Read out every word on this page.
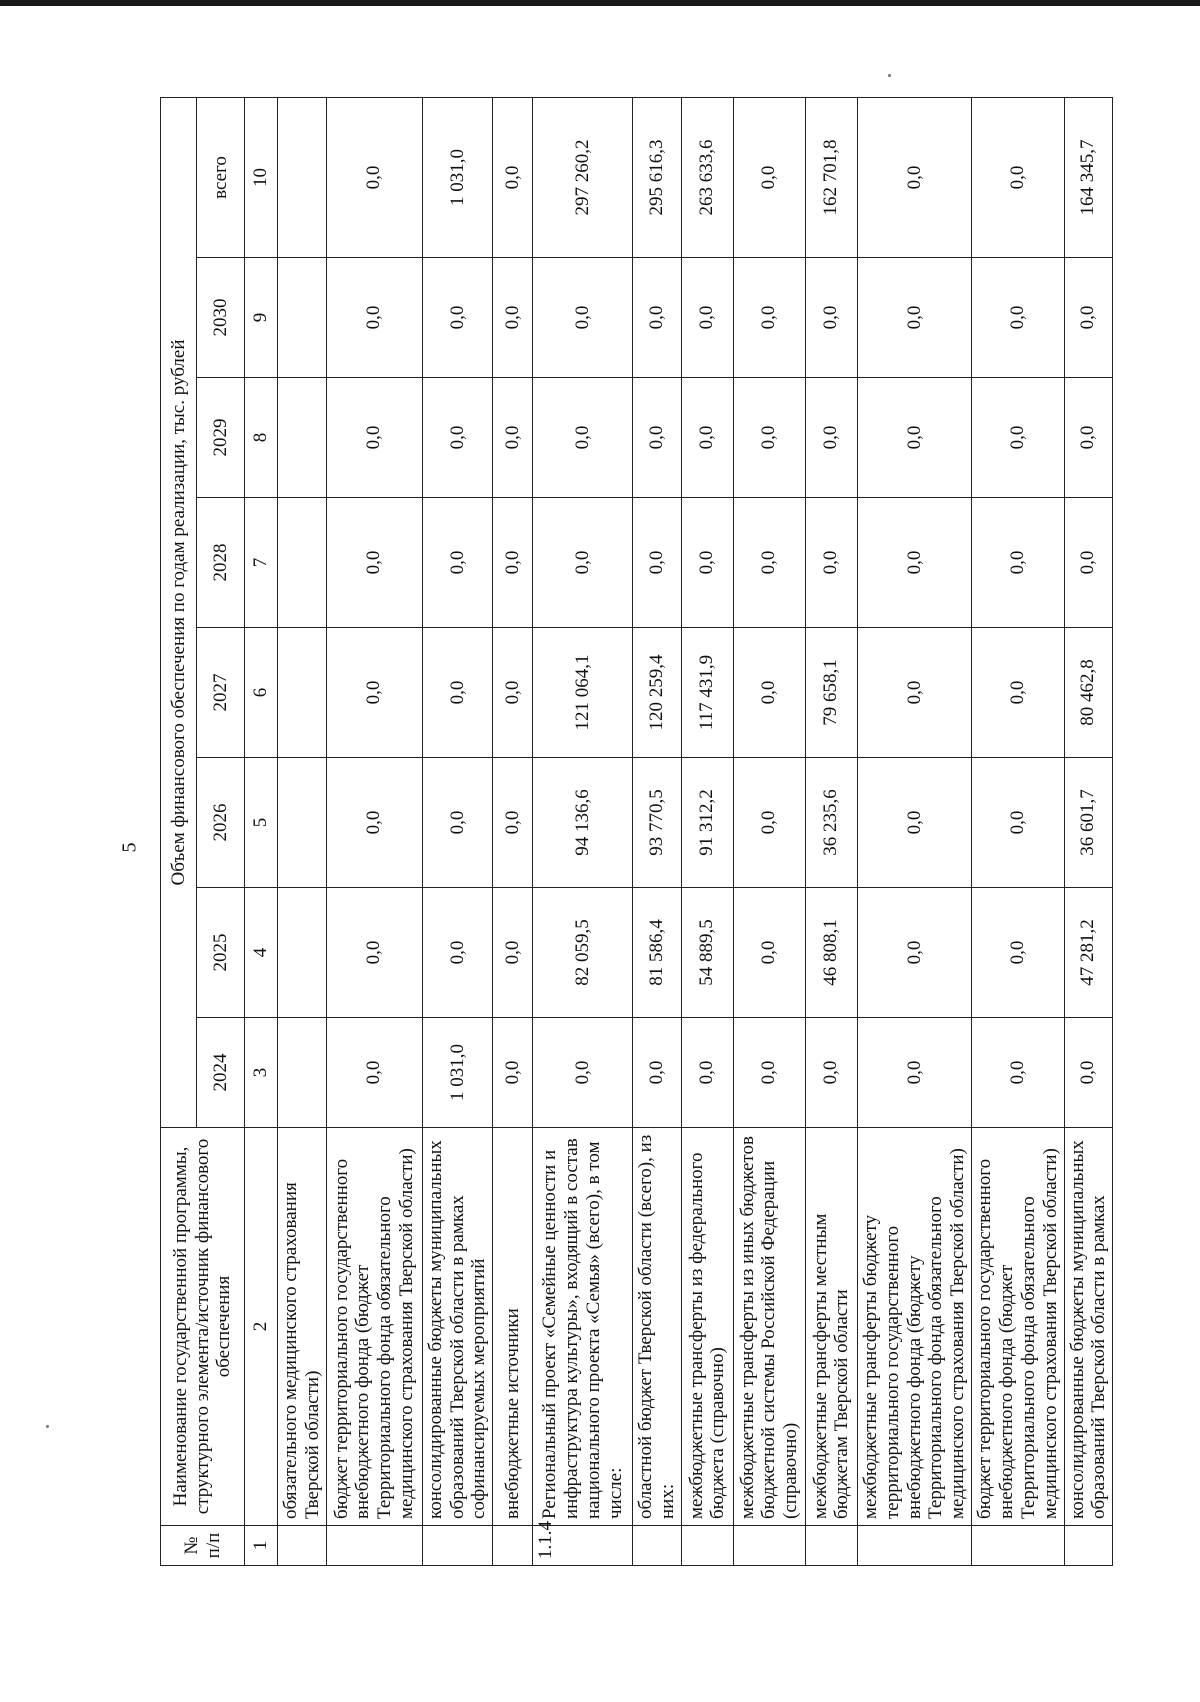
5
№ п/п	Наименование государственной программы, структурного элемента/источник финансового обеспечения	Объем финансового обеспечения по годам реализации, тыс. рублей							
		2024	2025	2026	2027	2028	2029	2030	всего
1	2	3	4	5	6	7	8	9	10
	обязательного медицинского страхования Тверской области)								
	бюджет территориального государственного внебюджетного фонда (бюджет Территориального фонда обязательного медицинского страхования Тверской области)	0,0	0,0	0,0	0,0	0,0	0,0	0,0	0,0
	консолидированные бюджеты муниципальных образований Тверской области в рамках софинансируемых мероприятий	1 031,0	0,0	0,0	0,0	0,0	0,0	0,0	1 031,0
	внебюджетные источники	0,0	0,0	0,0	0,0	0,0	0,0	0,0	0,0
1.1.4	Региональный проект «Семейные ценности и инфраструктура культуры», входящий в состав национального проекта «Семья» (всего), в том числе:	0,0	82 059,5	94 136,6	121 064,1	0,0	0,0	0,0	297 260,2
	областной бюджет Тверской области (всего), из них:	0,0	81 586,4	93 770,5	120 259,4	0,0	0,0	0,0	295 616,3
	межбюджетные трансферты из федерального бюджета (справочно)	0,0	54 889,5	91 312,2	117 431,9	0,0	0,0	0,0	263 633,6
	межбюджетные трансферты из иных бюджетов бюджетной системы Российской Федерации (справочно)	0,0	0,0	0,0	0,0	0,0	0,0	0,0	0,0
	межбюджетные трансферты местным бюджетам Тверской области	0,0	46 808,1	36 235,6	79 658,1	0,0	0,0	0,0	162 701,8
	межбюджетные трансферты бюджету территориального государственного внебюджетного фонда (бюджету Территориального фонда обязательного медицинского страхования Тверской области)	0,0	0,0	0,0	0,0	0,0	0,0	0,0	0,0
	бюджет территориального государственного внебюджетного фонда (бюджет Территориального фонда обязательного медицинского страхования Тверской области)	0,0	0,0	0,0	0,0	0,0	0,0	0,0	0,0
	консолидированные бюджеты муниципальных образований Тверской области в рамках	0,0	47 281,2	36 601,7	80 462,8	0,0	0,0	0,0	164 345,7
